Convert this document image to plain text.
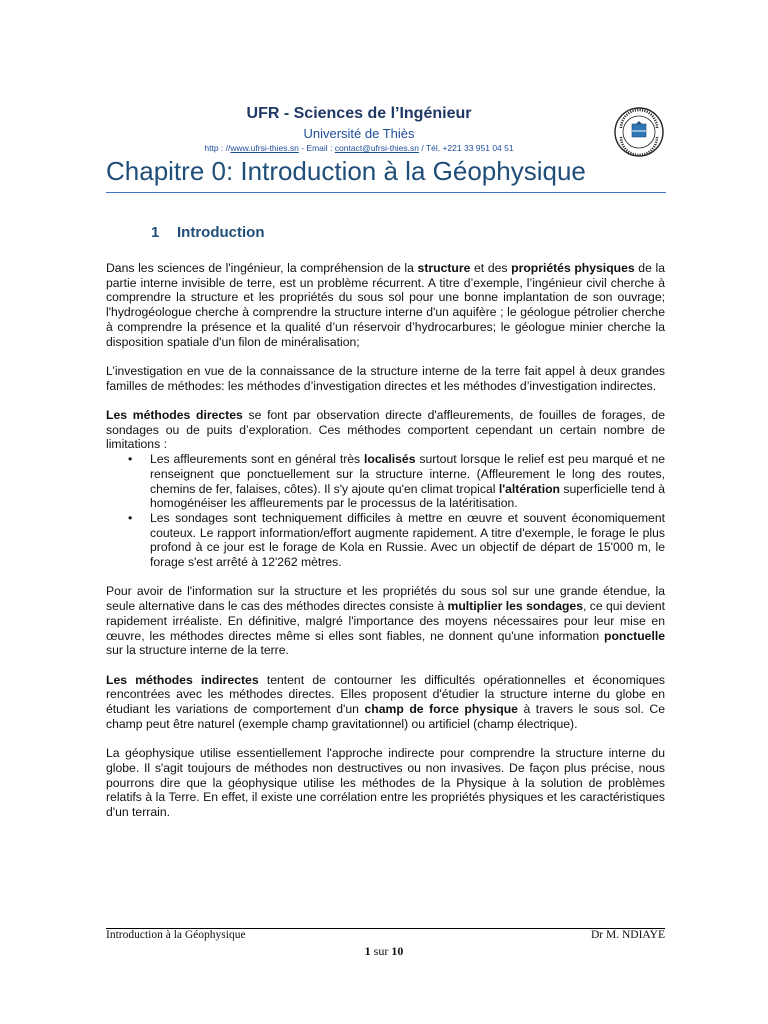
UFR - Sciences de l’Ingénieur
Université de Thiès
http : //www.ufrsi-thies.sn - Email : contact@ufrsi-thies.sn / Tél. +221 33 951 04 51
Chapitre 0: Introduction à la Géophysique
1 Introduction

Dans les sciences de l'ingénieur, la compréhension de la structure et des propriétés physiques de la partie interne invisible de terre, est un problème récurrent. A titre d’exemple, l’ingénieur civil cherche à comprendre la structure et les propriétés du sous sol pour une bonne implantation de son ouvrage; l'hydrogéologue cherche à comprendre la structure interne d'un aquifère ; le géologue pétrolier cherche à comprendre la présence et la qualité d’un réservoir d’hydrocarbures; le géologue minier cherche la disposition spatiale d'un filon de minéralisation;

L’investigation en vue de la connaissance de la structure interne de la terre fait appel à deux grandes familles de méthodes: les méthodes d’investigation directes et les méthodes d’investigation indirectes.

Les méthodes directes se font par observation directe d'affleurements, de fouilles de forages, de sondages ou de puits d’exploration. Ces méthodes comportent cependant un certain nombre de limitations :

• Les affleurements sont en général très localisés surtout lorsque le relief est peu marqué et ne renseignent que ponctuellement sur la structure interne. (Affleurement le long des routes, chemins de fer, falaises, côtes). Il s'y ajoute qu'en climat tropical l'altération superficielle tend à homogénéiser les affleurements par le processus de la latéritisation.
• Les sondages sont techniquement difficiles à mettre en œuvre et souvent économiquement couteux. Le rapport information/effort augmente rapidement. A titre d'exemple, le forage le plus profond à ce jour est le forage de Kola en Russie. Avec un objectif de départ de 15'000 m, le forage s'est arrêté à 12'262 mètres.

Pour avoir de l'information sur la structure et les propriétés du sous sol sur une grande étendue, la seule alternative dans le cas des méthodes directes consiste à multiplier les sondages, ce qui devient rapidement irréaliste. En définitive, malgré l'importance des moyens nécessaires pour leur mise en œuvre, les méthodes directes même si elles sont fiables, ne donnent qu'une information ponctuelle sur la structure interne de la terre.

Les méthodes indirectes tentent de contourner les difficultés opérationnelles et économiques rencontrées avec les méthodes directes. Elles proposent d'étudier la structure interne du globe en étudiant les variations de comportement d'un champ de force physique à travers le sous sol. Ce champ peut être naturel (exemple champ gravitationnel) ou artificiel (champ électrique).

La géophysique utilise essentiellement l'approche indirecte pour comprendre la structure interne du globe. Il s'agit toujours de méthodes non destructives ou non invasives. De façon plus précise, nous pourrons dire que la géophysique utilise les méthodes de la Physique à la solution de problèmes relatifs à la Terre. En effet, il existe une corrélation entre les propriétés physiques et les caractéristiques d'un terrain.

Introduction à la Géophysique	Dr M. NDIAYE
1 sur 10
